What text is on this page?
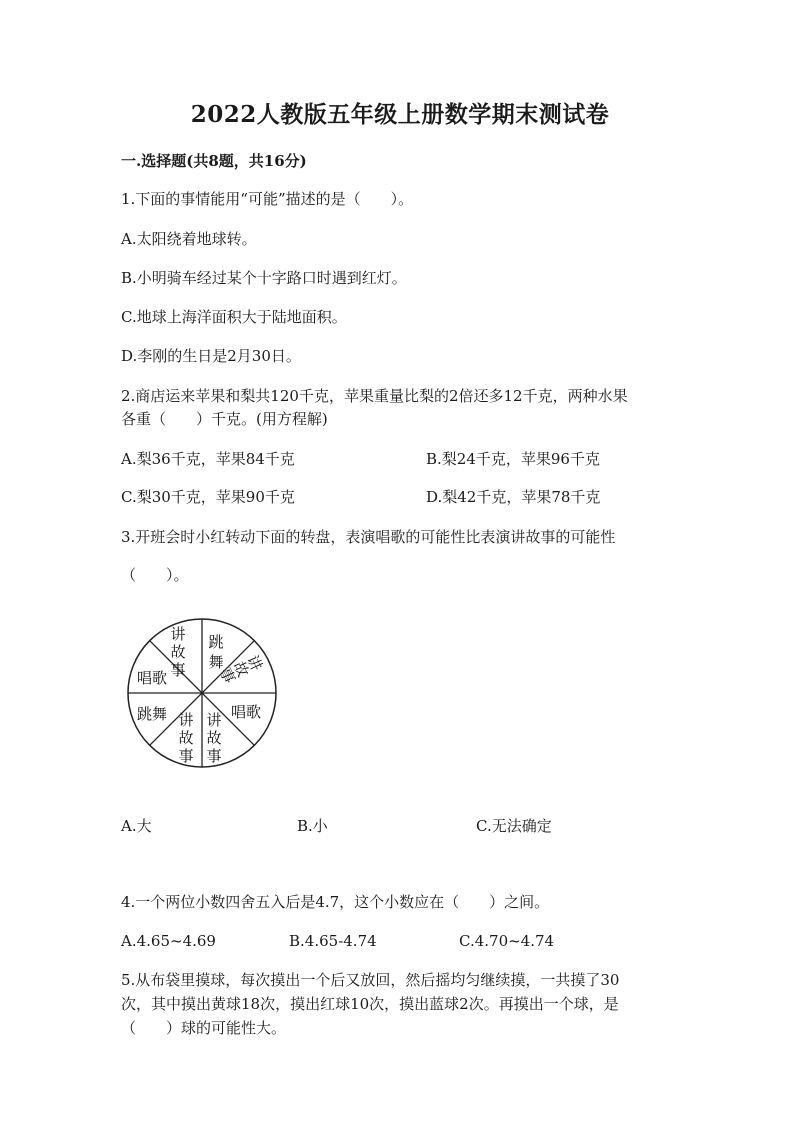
2022人教版五年级上册数学期末测试卷
一.选择题(共8题，共16分)
1.下面的事情能用“可能”描述的是（　　）。
A.太阳绕着地球转。
B.小明骑车经过某个十字路口时遇到红灯。
C.地球上海洋面积大于陆地面积。
D.李刚的生日是2月30日。
2.商店运来苹果和梨共120千克，苹果重量比梨的2倍还多12千克，两种水果
各重（　　）千克。(用方程解)
A.梨36千克，苹果84千克	B.梨24千克，苹果96千克
C.梨30千克，苹果90千克	D.梨42千克，苹果78千克
3.开班会时小红转动下面的转盘，表演唱歌的可能性比表演讲故事的可能性
（　　）。
讲
故
事
跳
舞 讲
故
事
唱歌
跳舞	唱歌
讲
故
事
讲
故
事
A.大	B.小	C.无法确定
4.一个两位小数四舍五入后是4.7，这个小数应在（　　）之间。
A.4.65~4.69	B.4.65-4.74	C.4.70~4.74
5.从布袋里摸球，每次摸出一个后又放回，然后摇均匀继续摸，一共摸了30
次，其中摸出黄球18次，摸出红球10次，摸出蓝球2次。再摸出一个球，是
（　　）球的可能性大。
